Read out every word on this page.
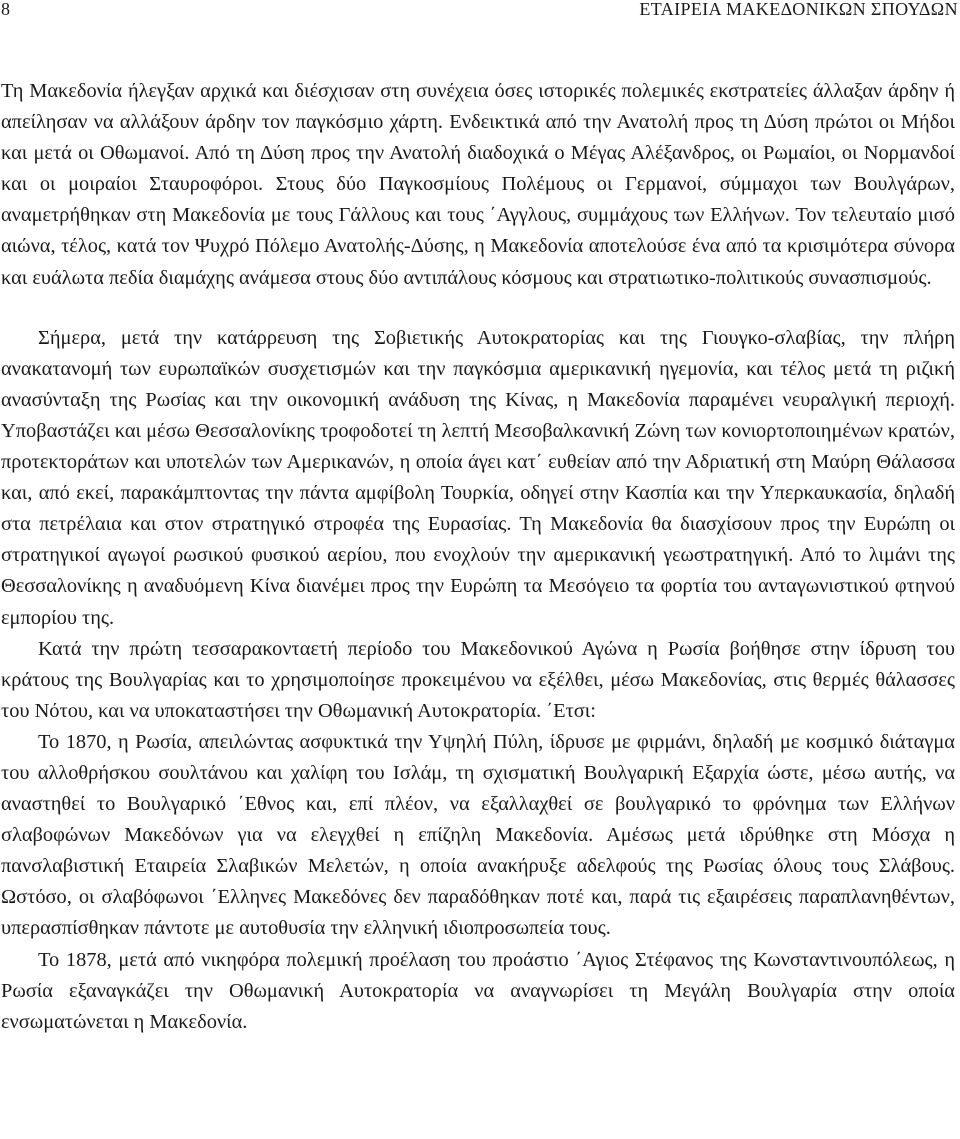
8	ΕΤΑΙΡΕΙΑ ΜΑΚΕΔΟΝΙΚΩΝ ΣΠΟΥΔΩΝ

Τη Μακεδονία ήλεγξαν αρχικά και διέσχισαν στη συνέχεια όσες ιστορικές πολεμικές εκστρατείες άλλαξαν άρδην ή απείλησαν να αλλάξουν άρδην τον παγκόσμιο χάρτη. Ενδεικτικά από την Ανατολή προς τη Δύση πρώτοι οι Μήδοι και μετά οι Οθωμανοί. Από τη Δύση προς την Ανατολή διαδοχικά ο Μέγας Αλέξανδρος, οι Ρωμαίοι, οι Νορμανδοί και οι μοιραίοι Σταυροφόροι. Στους δύο Παγκοσμίους Πολέμους οι Γερμανοί, σύμμαχοι των Βουλγάρων, αναμετρήθηκαν στη Μακεδονία με τους Γάλλους και τους ΄Αγγλους, συμμάχους των Ελλήνων. Τον τελευταίο μισό αιώνα, τέλος, κατά τον Ψυχρό Πόλεμο Ανατολής-Δύσης, η Μακεδονία αποτελούσε ένα από τα κρισιμότερα σύνορα και ευάλωτα πεδία διαμάχης ανάμεσα στους δύο αντιπάλους κόσμους και στρατιωτικο-πολιτικούς συνασπισμούς.

Σήμερα, μετά την κατάρρευση της Σοβιετικής Αυτοκρατορίας και της Γιουγκο-σλαβίας, την πλήρη ανακατανομή των ευρωπαϊκών συσχετισμών και την παγκόσμια αμερικανική ηγεμονία, και τέλος μετά τη ριζική ανασύνταξη της Ρωσίας και την οικονομική ανάδυση της Κίνας, η Μακεδονία παραμένει νευραλγική περιοχή. Υποβαστάζει και μέσω Θεσσαλονίκης τροφοδοτεί τη λεπτή Μεσοβαλκανική Ζώνη των κονιορτοποιημένων κρατών, προτεκτοράτων και υποτελών των Αμερικανών, η οποία άγει κατ΄ ευθείαν από την Αδριατική στη Μαύρη Θάλασσα και, από εκεί, παρακάμπτοντας την πάντα αμφίβολη Τουρκία, οδηγεί στην Κασπία και την Υπερκαυκασία, δηλαδή στα πετρέλαια και στον στρατηγικό στροφέα της Ευρασίας. Τη Μακεδονία θα διασχίσουν προς την Ευρώπη οι στρατηγικοί αγωγοί ρωσικού φυσικού αερίου, που ενοχλούν την αμερικανική γεωστρατηγική. Από το λιμάνι της Θεσσαλονίκης η αναδυόμενη Κίνα διανέμει προς την Ευρώπη τα Μεσόγειο τα φορτία του ανταγωνιστικού φτηνού εμπορίου της.

Κατά την πρώτη τεσσαρακονταετή περίοδο του Μακεδονικού Αγώνα η Ρωσία βοήθησε στην ίδρυση του κράτους της Βουλγαρίας και το χρησιμοποίησε προκειμένου να εξέλθει, μέσω Μακεδονίας, στις θερμές θάλασσες του Νότου, και να υποκαταστήσει την Οθωμανική Αυτοκρατορία. ΄Ετσι:

Το 1870, η Ρωσία, απειλώντας ασφυκτικά την Υψηλή Πύλη, ίδρυσε με φιρμάνι, δηλαδή με κοσμικό διάταγμα του αλλοθρήσκου σουλτάνου και χαλίφη του Ισλάμ, τη σχισματική Βουλγαρική Εξαρχία ώστε, μέσω αυτής, να αναστηθεί το Βουλγαρικό ΄Εθνος και, επί πλέον, να εξαλλαχθεί σε βουλγαρικό το φρόνημα των Ελλήνων σλαβοφώνων Μακεδόνων για να ελεγχθεί η επίζηλη Μακεδονία. Αμέσως μετά ιδρύθηκε στη Μόσχα η πανσλαβιστική Εταιρεία Σλαβικών Μελετών, η οποία ανακήρυξε αδελφούς της Ρωσίας όλους τους Σλάβους. Ωστόσο, οι σλαβόφωνοι ΄Ελληνες Μακεδόνες δεν παραδόθηκαν ποτέ και, παρά τις εξαιρέσεις παραπλανηθέντων, υπερασπίσθηκαν πάντοτε με αυτοθυσία την ελληνική ιδιοπροσωπεία τους.

Το 1878, μετά από νικηφόρα πολεμική προέλαση του προάστιο ΄Αγιος Στέφανος της Κωνσταντινουπόλεως, η Ρωσία εξαναγκάζει την Οθωμανική Αυτοκρατορία να αναγνωρίσει τη Μεγάλη Βουλγαρία στην οποία ενσωματώνεται η Μακεδονία.
